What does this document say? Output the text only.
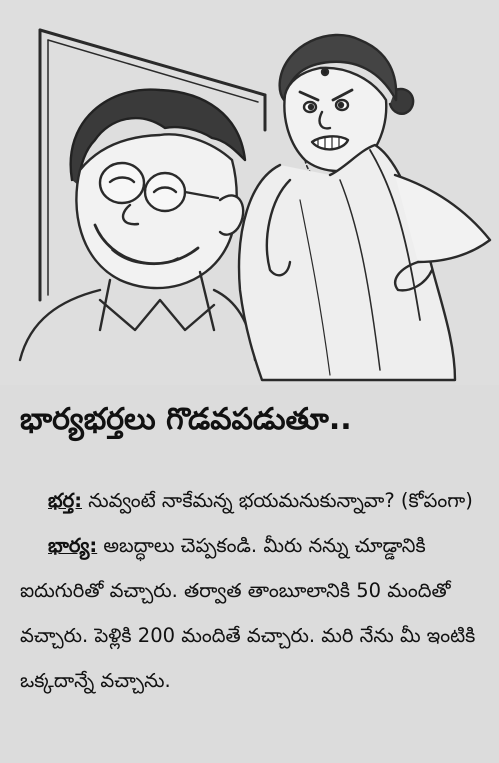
భార్యభర్తలు గొడవపడుతూ..

భర్త: నువ్వంటే నాకేమన్న భయమనుకున్నావా? (కోపంగా)

భార్య: అబద్ధాలు చెప్పకండి. మీరు నన్ను చూడ్డానికి ఐదుగురితో వచ్చారు. తర్వాత తాంబూలానికి 50 మందితో వచ్చారు. పెళ్లికి 200 మందితే వచ్చారు. మరి నేను మీ ఇంటికి ఒక్కదాన్నే వచ్చాను.
